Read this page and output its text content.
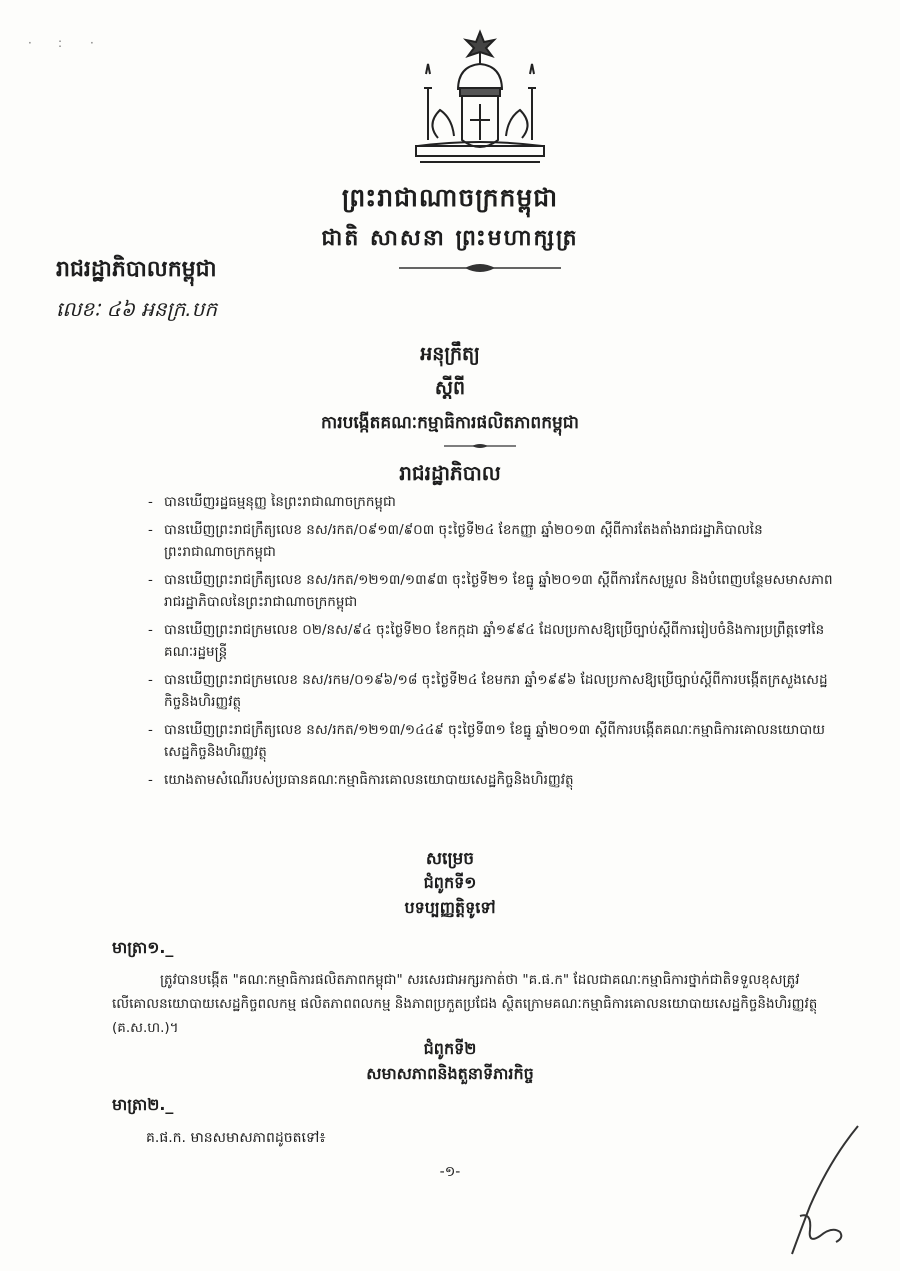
· : ·
ព្រះរាជាណាចក្រកម្ពុជា
ជាតិ សាសនា ព្រះមហាក្សត្រ
រាជរដ្ឋាភិបាលកម្ពុជា
លេខៈ ៤៦ អនក្រ.បក
អនុក្រឹត្យ
ស្តីពី
ការបង្កើតគណៈកម្មាធិការផលិតភាពកម្ពុជា
រាជរដ្ឋាភិបាល
- បានឃើញរដ្ឋធម្មនុញ្ញ នៃព្រះរាជាណាចក្រកម្ពុជា
- បានឃើញព្រះរាជក្រឹត្យលេខ នស/រកត/០៩១៣/៩០៣ ចុះថ្ងៃទី២៤ ខែកញ្ញា ឆ្នាំ២០១៣ ស្តីពីការតែងតាំងរាជរដ្ឋាភិបាលនៃព្រះរាជាណាចក្រកម្ពុជា
- បានឃើញព្រះរាជក្រឹត្យលេខ នស/រកត/១២១៣/១៣៩៣ ចុះថ្ងៃទី២១ ខែធ្នូ ឆ្នាំ២០១៣ ស្តីពីការកែសម្រួល និងបំពេញបន្ថែមសមាសភាពរាជរដ្ឋាភិបាលនៃព្រះរាជាណាចក្រកម្ពុជា
- បានឃើញព្រះរាជក្រមលេខ ០២/នស/៩៤ ចុះថ្ងៃទី២០ ខែកក្កដា ឆ្នាំ១៩៩៤ ដែលប្រកាសឱ្យប្រើច្បាប់ស្តីពីការរៀបចំនិងការប្រព្រឹត្តទៅនៃគណៈរដ្ឋមន្ត្រី
- បានឃើញព្រះរាជក្រមលេខ នស/រកម/០១៩៦/១៨ ចុះថ្ងៃទី២៤ ខែមករា ឆ្នាំ១៩៩៦ ដែលប្រកាសឱ្យប្រើច្បាប់ស្តីពីការបង្កើតក្រសួងសេដ្ឋកិច្ចនិងហិរញ្ញវត្ថុ
- បានឃើញព្រះរាជក្រឹត្យលេខ នស/រកត/១២១៣/១៤៤៩ ចុះថ្ងៃទី៣១ ខែធ្នូ ឆ្នាំ២០១៣ ស្តីពីការបង្កើតគណៈកម្មាធិការគោលនយោបាយសេដ្ឋកិច្ចនិងហិរញ្ញវត្ថុ
- យោងតាមសំណើរបស់ប្រធានគណៈកម្មាធិការគោលនយោបាយសេដ្ឋកិច្ចនិងហិរញ្ញវត្ថុ
សម្រេច
ជំពូកទី១
បទប្បញ្ញត្តិទូទៅ
មាត្រា១._
ត្រូវបានបង្កើត "គណៈកម្មាធិការផលិតភាពកម្ពុជា" សរសេរជាអក្សរកាត់ថា "គ.ផ.ក" ដែលជាគណៈកម្មាធិការថ្នាក់ជាតិទទួលខុសត្រូវលើគោលនយោបាយសេដ្ឋកិច្ចពលកម្ម ផលិតភាពពលកម្ម និងភាពប្រកួតប្រជែង ស្ថិតក្រោមគណៈកម្មាធិការគោលនយោបាយសេដ្ឋកិច្ចនិងហិរញ្ញវត្ថុ (គ.ស.ហ.)។
ជំពូកទី២
សមាសភាពនិងតួនាទីភារកិច្ច
មាត្រា២._
គ.ផ.ក. មានសមាសភាពដូចតទៅ៖
-១-
